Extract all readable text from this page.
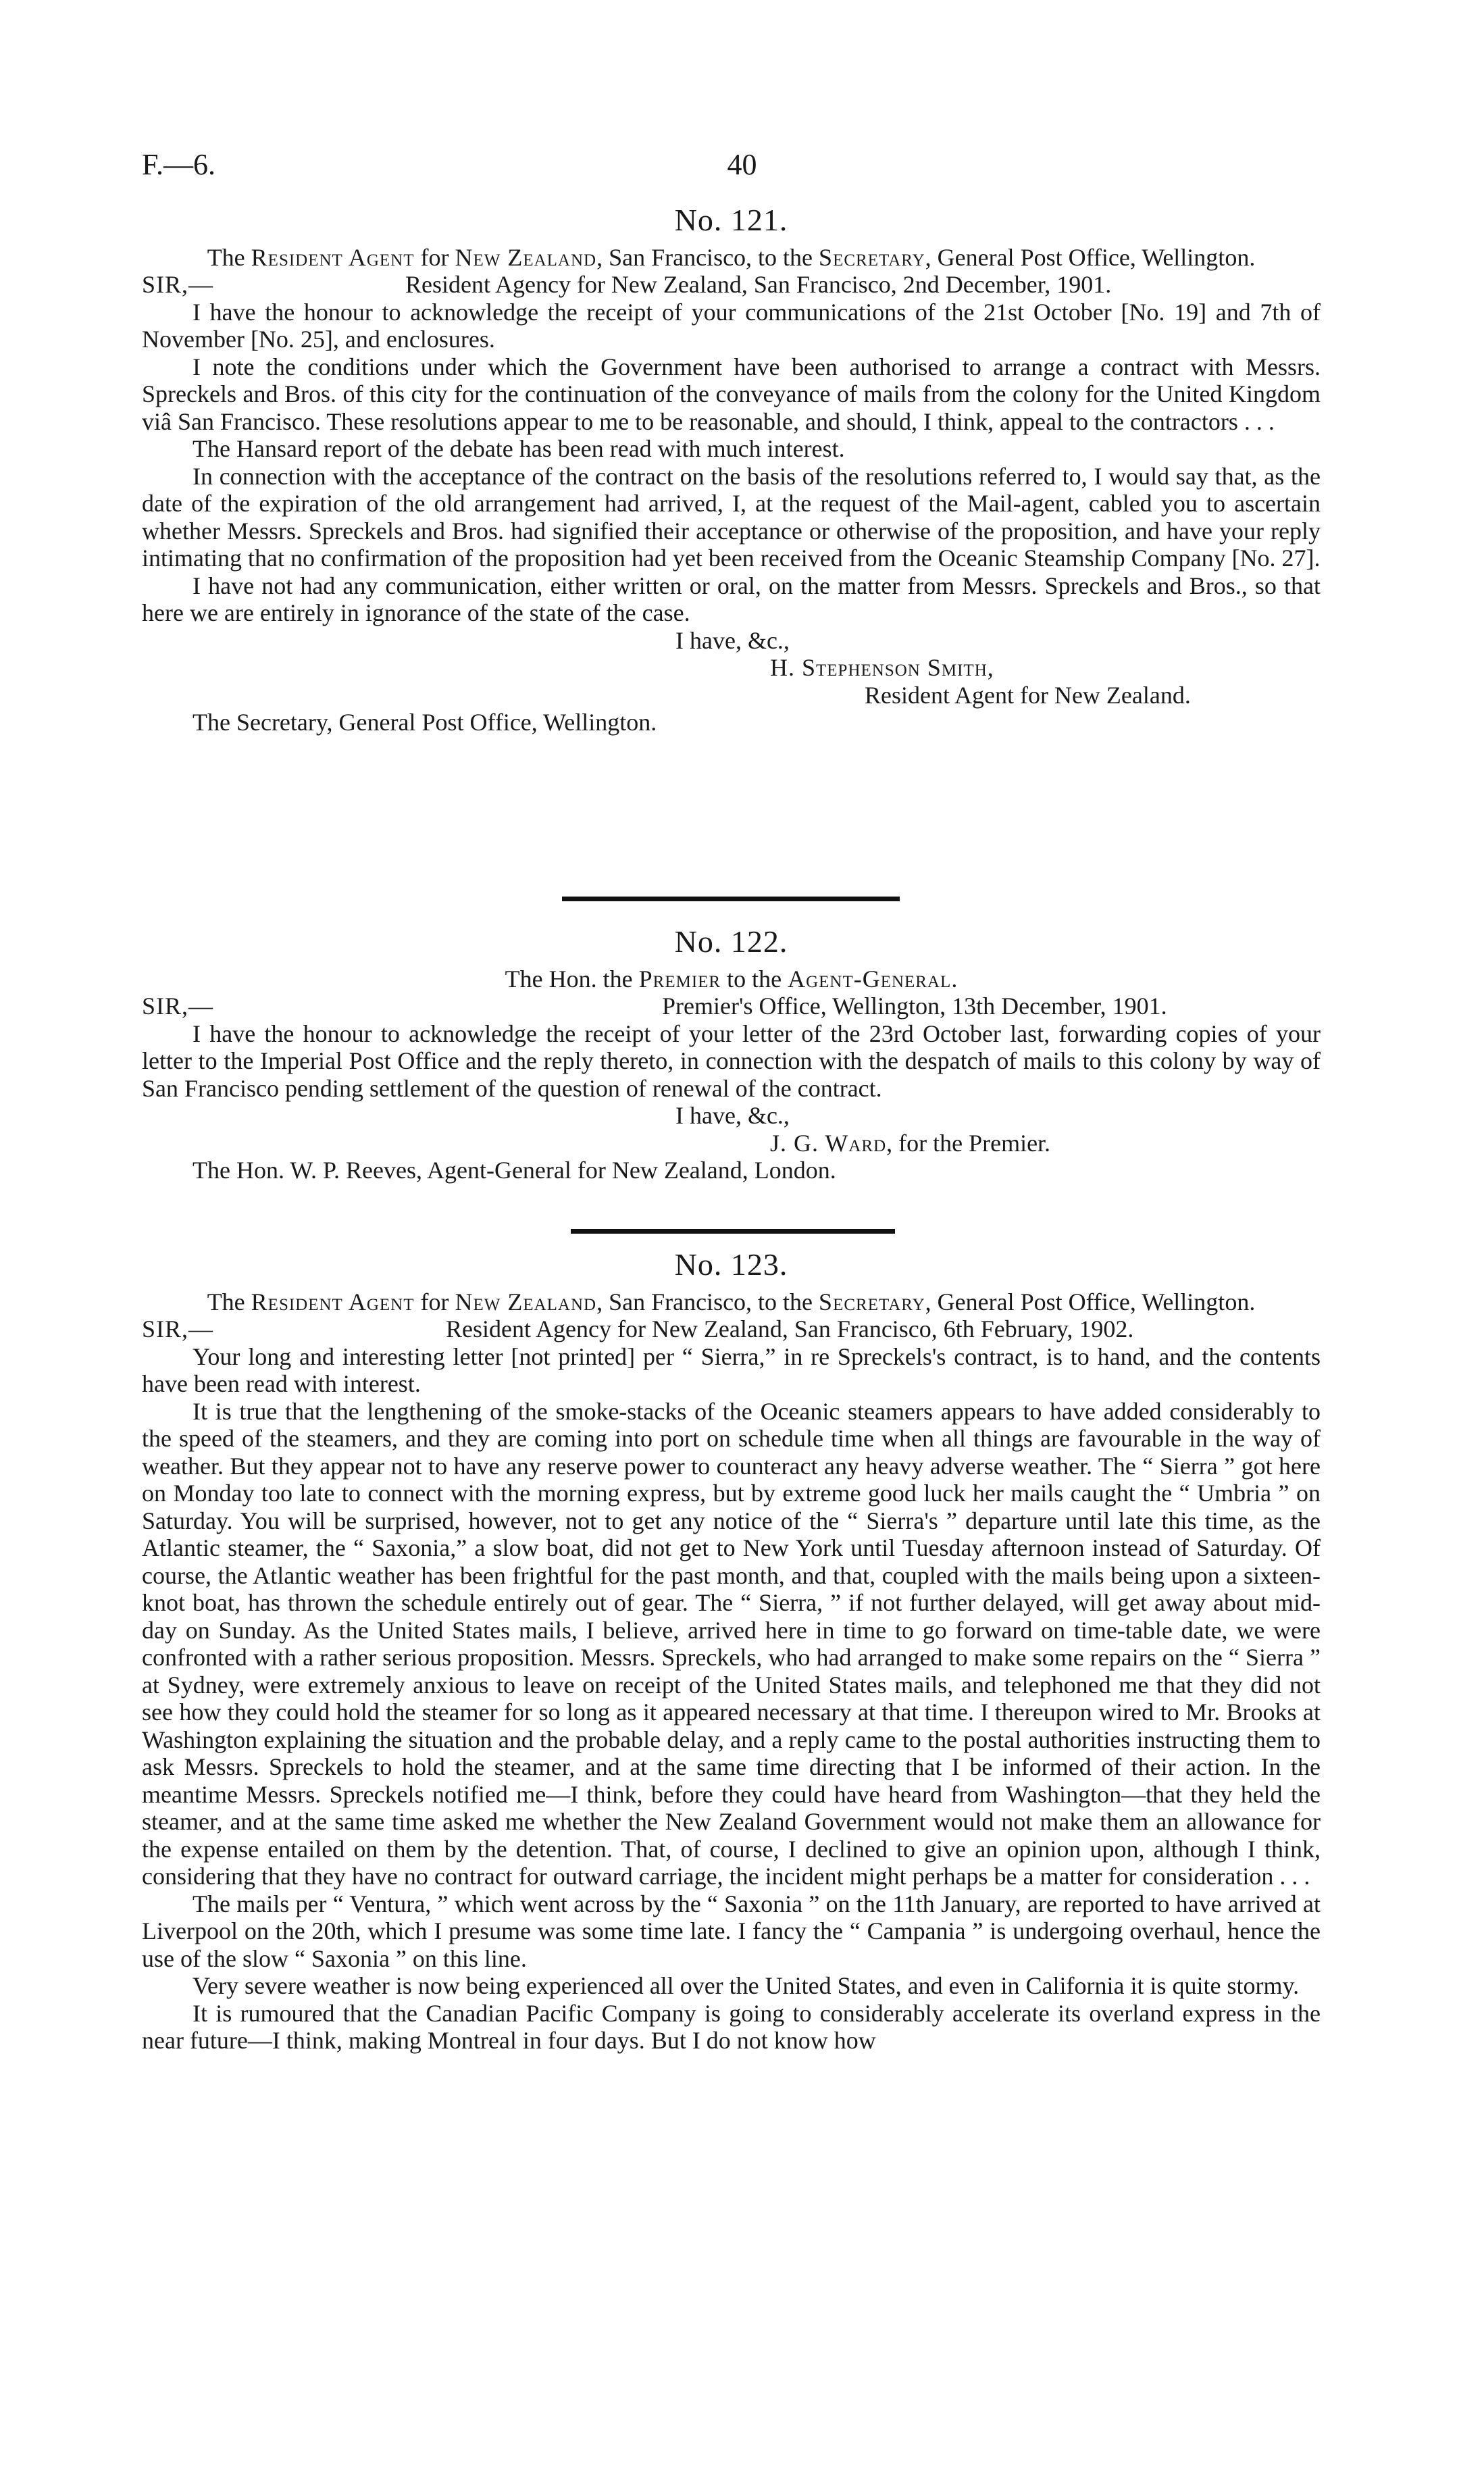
F.—6.	40
No. 121.

The Resident Agent for New Zealand, San Francisco, to the Secretary, General Post Office, Wellington.

SIR,—	Resident Agency for New Zealand, San Francisco, 2nd December, 1901.

I have the honour to acknowledge the receipt of your communications of the 21st October [No. 19] and 7th of November [No. 25], and enclosures.

I note the conditions under which the Government have been authorised to arrange a contract with Messrs. Spreckels and Bros. of this city for the continuation of the conveyance of mails from the colony for the United Kingdom viâ San Francisco. These resolutions appear to me to be reasonable, and should, I think, appeal to the contractors . . .

The Hansard report of the debate has been read with much interest.

In connection with the acceptance of the contract on the basis of the resolutions referred to, I would say that, as the date of the expiration of the old arrangement had arrived, I, at the request of the Mail-agent, cabled you to ascertain whether Messrs. Spreckels and Bros. had signified their acceptance or otherwise of the proposition, and have your reply intimating that no confirmation of the proposition had yet been received from the Oceanic Steamship Company [No. 27].

I have not had any communication, either written or oral, on the matter from Messrs. Spreckels and Bros., so that here we are entirely in ignorance of the state of the case.

I have, &c.,

H. Stephenson Smith,

Resident Agent for New Zealand.

The Secretary, General Post Office, Wellington.

No. 122.

The Hon. the Premier to the Agent-General.

SIR,—	Premier's Office, Wellington, 13th December, 1901.

I have the honour to acknowledge the receipt of your letter of the 23rd October last, forwarding copies of your letter to the Imperial Post Office and the reply thereto, in connection with the despatch of mails to this colony by way of San Francisco pending settlement of the question of renewal of the contract.

I have, &c.,

J. G. Ward, for the Premier.

The Hon. W. P. Reeves, Agent-General for New Zealand, London.

No. 123.

The Resident Agent for New Zealand, San Francisco, to the Secretary, General Post Office, Wellington.

SIR,—	Resident Agency for New Zealand, San Francisco, 6th February, 1902.

Your long and interesting letter [not printed] per “ Sierra,” in re Spreckels's contract, is to hand, and the contents have been read with interest.

It is true that the lengthening of the smoke-stacks of the Oceanic steamers appears to have added considerably to the speed of the steamers, and they are coming into port on schedule time when all things are favourable in the way of weather. But they appear not to have any reserve power to counteract any heavy adverse weather. The “ Sierra ” got here on Monday too late to connect with the morning express, but by extreme good luck her mails caught the “ Umbria ” on Saturday. You will be surprised, however, not to get any notice of the “ Sierra's ” departure until late this time, as the Atlantic steamer, the “ Saxonia,” a slow boat, did not get to New York until Tuesday afternoon instead of Saturday. Of course, the Atlantic weather has been frightful for the past month, and that, coupled with the mails being upon a sixteen-knot boat, has thrown the schedule entirely out of gear. The “ Sierra, ” if not further delayed, will get away about mid-day on Sunday. As the United States mails, I believe, arrived here in time to go forward on time-table date, we were confronted with a rather serious proposition. Messrs. Spreckels, who had arranged to make some repairs on the “ Sierra ” at Sydney, were extremely anxious to leave on receipt of the United States mails, and telephoned me that they did not see how they could hold the steamer for so long as it appeared necessary at that time. I thereupon wired to Mr. Brooks at Washington explaining the situation and the probable delay, and a reply came to the postal authorities instructing them to ask Messrs. Spreckels to hold the steamer, and at the same time directing that I be informed of their action. In the meantime Messrs. Spreckels notified me—I think, before they could have heard from Washington—that they held the steamer, and at the same time asked me whether the New Zealand Government would not make them an allowance for the expense entailed on them by the detention. That, of course, I declined to give an opinion upon, although I think, considering that they have no contract for outward carriage, the incident might perhaps be a matter for consideration . . .

The mails per “ Ventura, ” which went across by the “ Saxonia ” on the 11th January, are reported to have arrived at Liverpool on the 20th, which I presume was some time late. I fancy the “ Campania ” is undergoing overhaul, hence the use of the slow “ Saxonia ” on this line.

Very severe weather is now being experienced all over the United States, and even in California it is quite stormy.

It is rumoured that the Canadian Pacific Company is going to considerably accelerate its overland express in the near future—I think, making Montreal in four days. But I do not know how
